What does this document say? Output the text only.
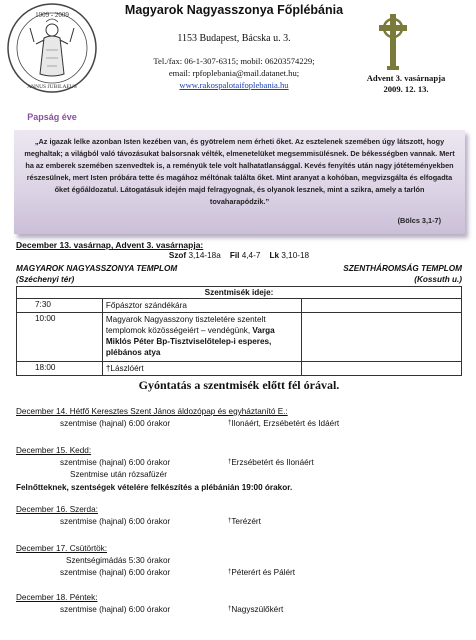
1909 - 2009
ANNUS JUBILAEUS
Papság éve
Magyarok Nagyasszonya Főplébánia
1153 Budapest, Bácska u. 3.
Tel./fax: 06-1-307-6315; mobil: 06203574229;
email: rpfoplebania@mail.datanet.hu;
www.rakospalotaifoplebania.hu
Advent 3. vasárnapja
2009. 12. 13.
„Az igazak lelke azonban Isten kezében van, és gyötrelem nem érheti őket. Az esztelenek szemében úgy látszott, hogy meghaltak; a világból való távozásukat balsorsnak vélték, elmenetelüket megsemmisülésnek. De békességben vannak. Mert ha az emberek szemében szenvedtek is, a reményük tele volt halhatatlansággal. Kevés fenyítés után nagy jótéteményekben részesülnek, mert Isten próbára tette és magához méltónak találta őket. Mint aranyat a kohóban, megvizsgálta és elfogadta őket égőáldozatul. Látogatásuk idején majd felragyognak, és olyanok lesznek, mint a szikra, amely a tarlón tovaharapódzik.”
(Bölcs 3,1-7)
December 13. vasárnap, Advent 3. vasárnapja:
Szof 3,14-18a Fil 4,4-7 Lk 3,10-18
MAGYAROK NAGYASSZONYA TEMPLOM
(Széchenyi tér)
SZENTHÁROMSÁG TEMPLOM
(Kossuth u.)
Szentmisék ideje:		
7:30	Főpásztor szándékára	
10:00	Magyarok Nagyasszony tiszteletére szentelt templomok közösségeiért – vendégünk, Varga Miklós Péter Bp-Tisztviselőtelep-i esperes, plébános atya	
18:00	†Lászlóért	
Gyóntatás a szentmisék előtt fél órával.
December 14. Hétfő Keresztes Szent János áldozópap és egyháztanító E.:
szentmise (hajnal) 6:00 órakor	†Ilonáért, Erzsébetért és Idáért
December 15. Kedd:
szentmise (hajnal) 6:00 órakor	†Erzsébetért és Ilonáért
Szentmise után rózsafüzér
Felnőtteknek, szentségek vételére felkészítés a plébánián 19:00 órakor.
December 16. Szerda:
szentmise (hajnal) 6:00 órakor	†Terézért
December 17. Csütörtök:
Szentségimádás 5:30 órakor
szentmise (hajnal) 6:00 órakor	†Péterért és Pálért
December 18. Péntek:
szentmise (hajnal) 6:00 órakor	†Nagyszülőkért
